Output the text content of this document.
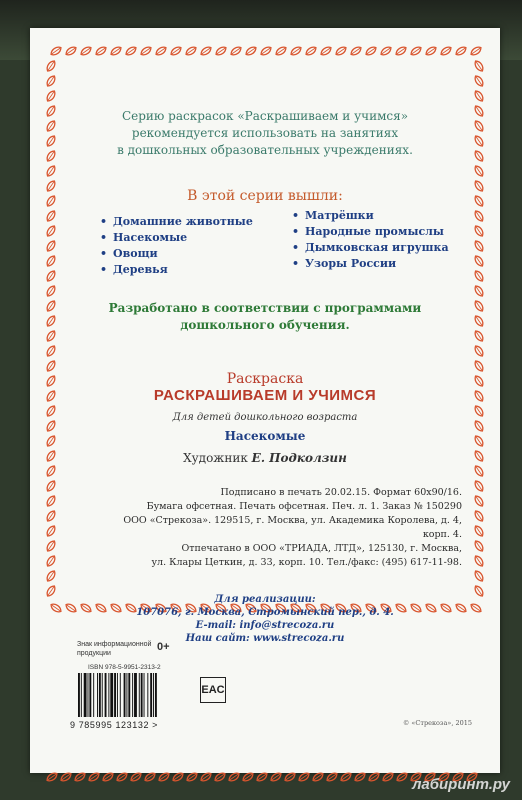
Серию раскрасок «Раскрашиваем и учимся»
рекомендуется использовать на занятиях
в дошкольных образовательных учреждениях.
В этой серии вышли:
• Домашние животные
• Насекомые
• Овощи
• Деревья
• Матрёшки
• Народные промыслы
• Дымковская игрушка
• Узоры России
Разработано в соответствии с программами
дошкольного обучения.
Раскраска
РАСКРАШИВАЕМ И УЧИМСЯ
Для детей дошкольного возраста
Насекомые
Художник Е. Подколзин
Подписано в печать 20.02.15. Формат 60х90/16.
Бумага офсетная. Печать офсетная. Печ. л. 1. Заказ № 150290
ООО «Стрекоза». 129515, г. Москва, ул. Академика Королева, д. 4, корп. 4.
Отпечатано в ООО «ТРИАДА, ЛТД», 125130, г. Москва,
ул. Клары Цеткин, д. 33, корп. 10. Тел./факс: (495) 617-11-98.
Для реализации:
107076, г. Москва, Стромынский пер., д. 4.
E-mail: info@strecoza.ru
Наш сайт: www.strecoza.ru
Знак информационной
продукции
0+
ISBN 978-5-9951-2313-2
9 785995 123132 >
EAC
© «Стрекоза», 2015
лабиринт.ру
